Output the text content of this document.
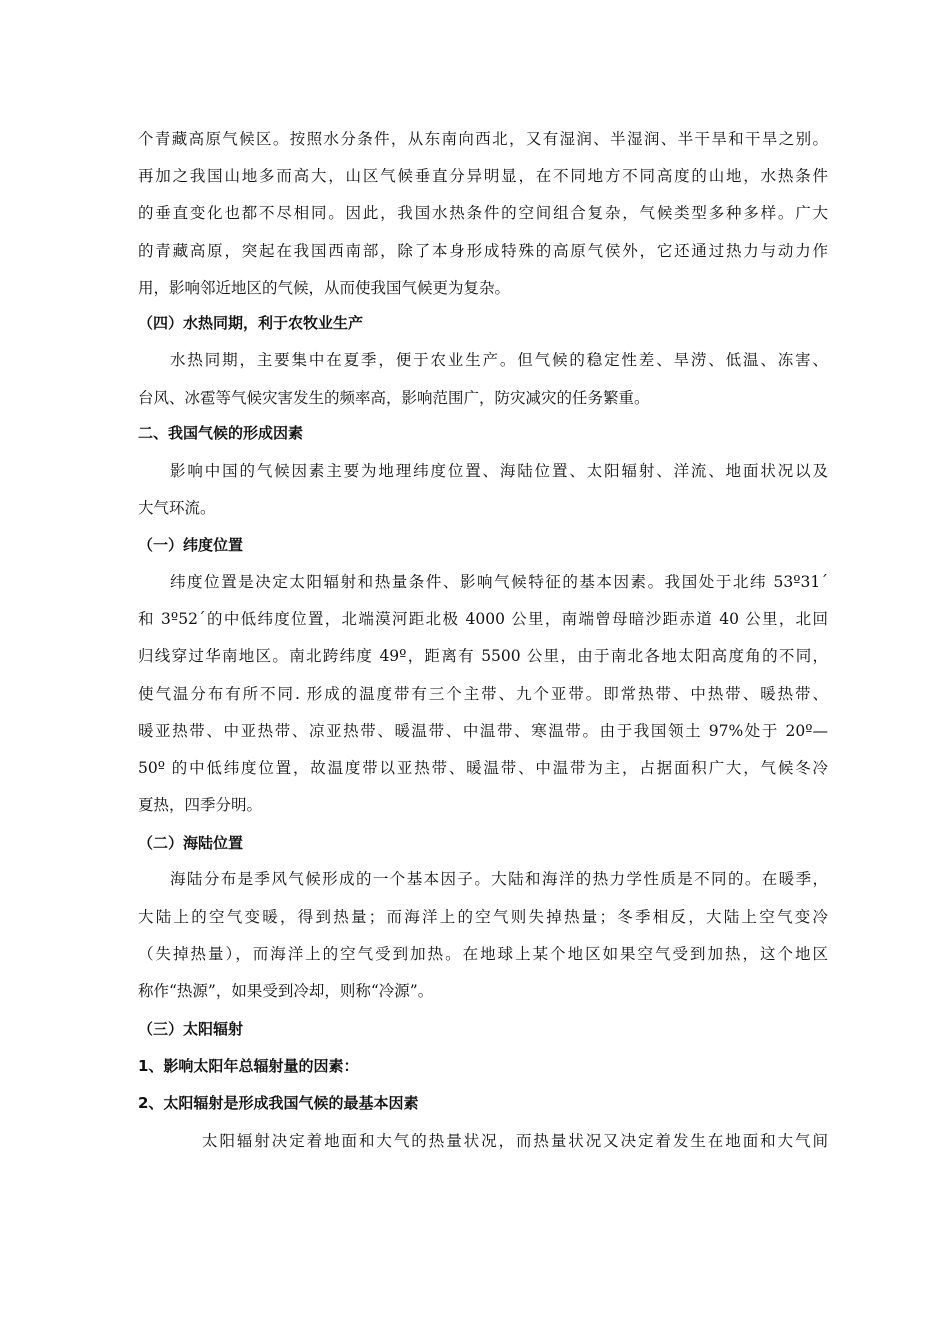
个青藏高原气候区。按照水分条件，从东南向西北，又有湿润、半湿润、半干旱和干旱之别。
再加之我国山地多而高大，山区气候垂直分异明显，在不同地方不同高度的山地，水热条件
的垂直变化也都不尽相同。因此，我国水热条件的空间组合复杂，气候类型多种多样。广大
的青藏高原，突起在我国西南部，除了本身形成特殊的高原气侯外，它还通过热力与动力作
用，影响邻近地区的气候，从而使我国气候更为复杂。
（四）水热同期，利于农牧业生产
水热同期，主要集中在夏季，便于农业生产。但气候的稳定性差、旱涝、低温、冻害、
台风、冰雹等气候灾害发生的频率高，影响范围广，防灾减灾的任务繁重。
二、我国气候的形成因素
影响中国的气候因素主要为地理纬度位置、海陆位置、太阳辐射、洋流、地面状况以及
大气环流。
（一）纬度位置
纬度位置是决定太阳辐射和热量条件、影响气候特征的基本因素。我国处于北纬 53º31´
和 3º52´的中低纬度位置，北端漠河距北极 4000 公里，南端曾母暗沙距赤道 40 公里，北回
归线穿过华南地区。南北跨纬度 49º，距离有 5500 公里，由于南北各地太阳高度角的不同，
使气温分布有所不同. 形成的温度带有三个主带、九个亚带。即常热带、中热带、暖热带、
暖亚热带、中亚热带、凉亚热带、暖温带、中温带、寒温带。由于我国领土 97%处于 20º—
50º 的中低纬度位置，故温度带以亚热带、暖温带、中温带为主，占据面积广大，气候冬冷
夏热，四季分明。
（二）海陆位置
海陆分布是季风气候形成的一个基本因子。大陆和海洋的热力学性质是不同的。在暖季，
大陆上的空气变暖，得到热量；而海洋上的空气则失掉热量；冬季相反，大陆上空气变冷
（失掉热量），而海洋上的空气受到加热。在地球上某个地区如果空气受到加热，这个地区
称作“热源”，如果受到冷却，则称“冷源”。
（三）太阳辐射
1、影响太阳年总辐射量的因素：
2、太阳辐射是形成我国气候的最基本因素
太阳辐射决定着地面和大气的热量状况，而热量状况又决定着发生在地面和大气间
